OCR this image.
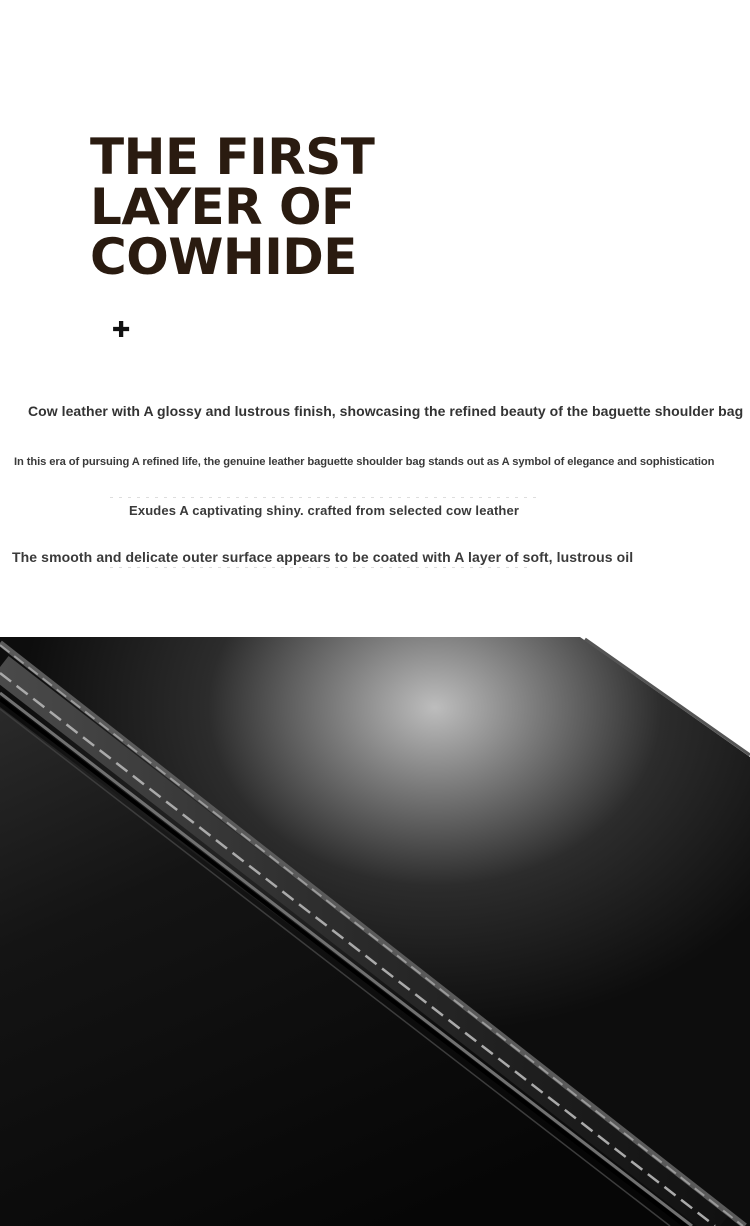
THE FIRST
LAYER OF
COWHIDE
✚

Cow leather with A glossy and lustrous finish, showcasing the refined beauty of the baguette shoulder bag

In this era of pursuing A refined life, the genuine leather baguette shoulder bag stands out as A symbol of elegance and sophistication

Exudes A captivating shiny. crafted from selected cow leather

The smooth and delicate outer surface appears to be coated with A layer of soft, lustrous oil
